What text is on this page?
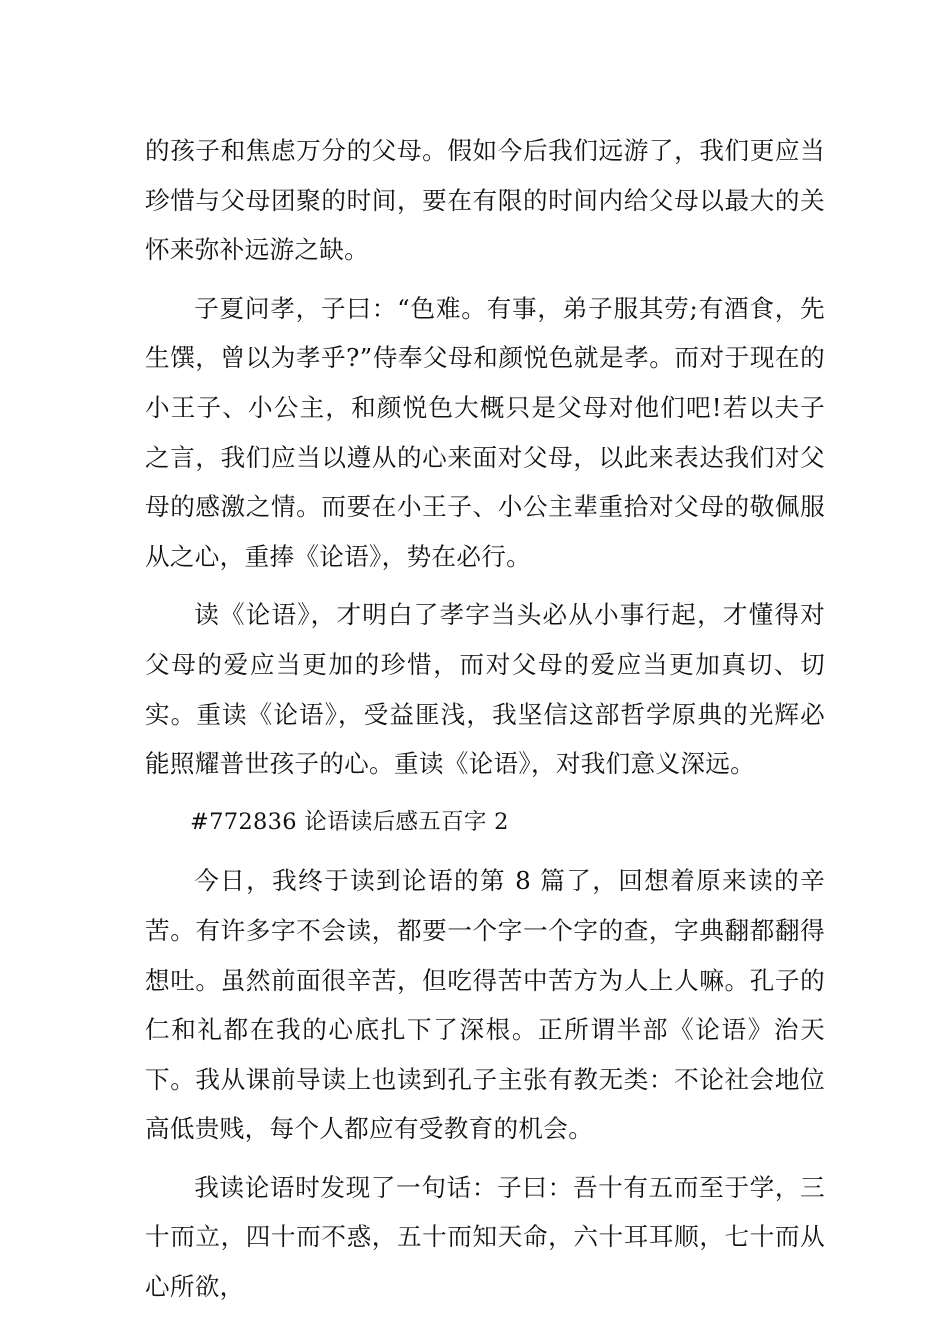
的孩子和焦虑万分的父母。假如今后我们远游了，我们更应当珍惜与父母团聚的时间，要在有限的时间内给父母以最大的关怀来弥补远游之缺。

子夏问孝，子曰：“色难。有事，弟子服其劳;有酒食，先生馔，曾以为孝乎?”侍奉父母和颜悦色就是孝。而对于现在的小王子、小公主，和颜悦色大概只是父母对他们吧!若以夫子之言，我们应当以遵从的心来面对父母，以此来表达我们对父母的感激之情。而要在小王子、小公主辈重拾对父母的敬佩服从之心，重捧《论语》，势在必行。

读《论语》，才明白了孝字当头必从小事行起，才懂得对父母的爱应当更加的珍惜，而对父母的爱应当更加真切、切实。重读《论语》，受益匪浅，我坚信这部哲学原典的光辉必能照耀普世孩子的心。重读《论语》，对我们意义深远。

#772836 论语读后感五百字 2

今日，我终于读到论语的第 8 篇了，回想着原来读的辛苦。有许多字不会读，都要一个字一个字的查，字典翻都翻得想吐。虽然前面很辛苦，但吃得苦中苦方为人上人嘛。孔子的仁和礼都在我的心底扎下了深根。正所谓半部《论语》治天下。我从课前导读上也读到孔子主张有教无类：不论社会地位高低贵贱，每个人都应有受教育的机会。

我读论语时发现了一句话：子曰：吾十有五而至于学，三十而立，四十而不惑，五十而知天命，六十耳耳顺，七十而从心所欲，
